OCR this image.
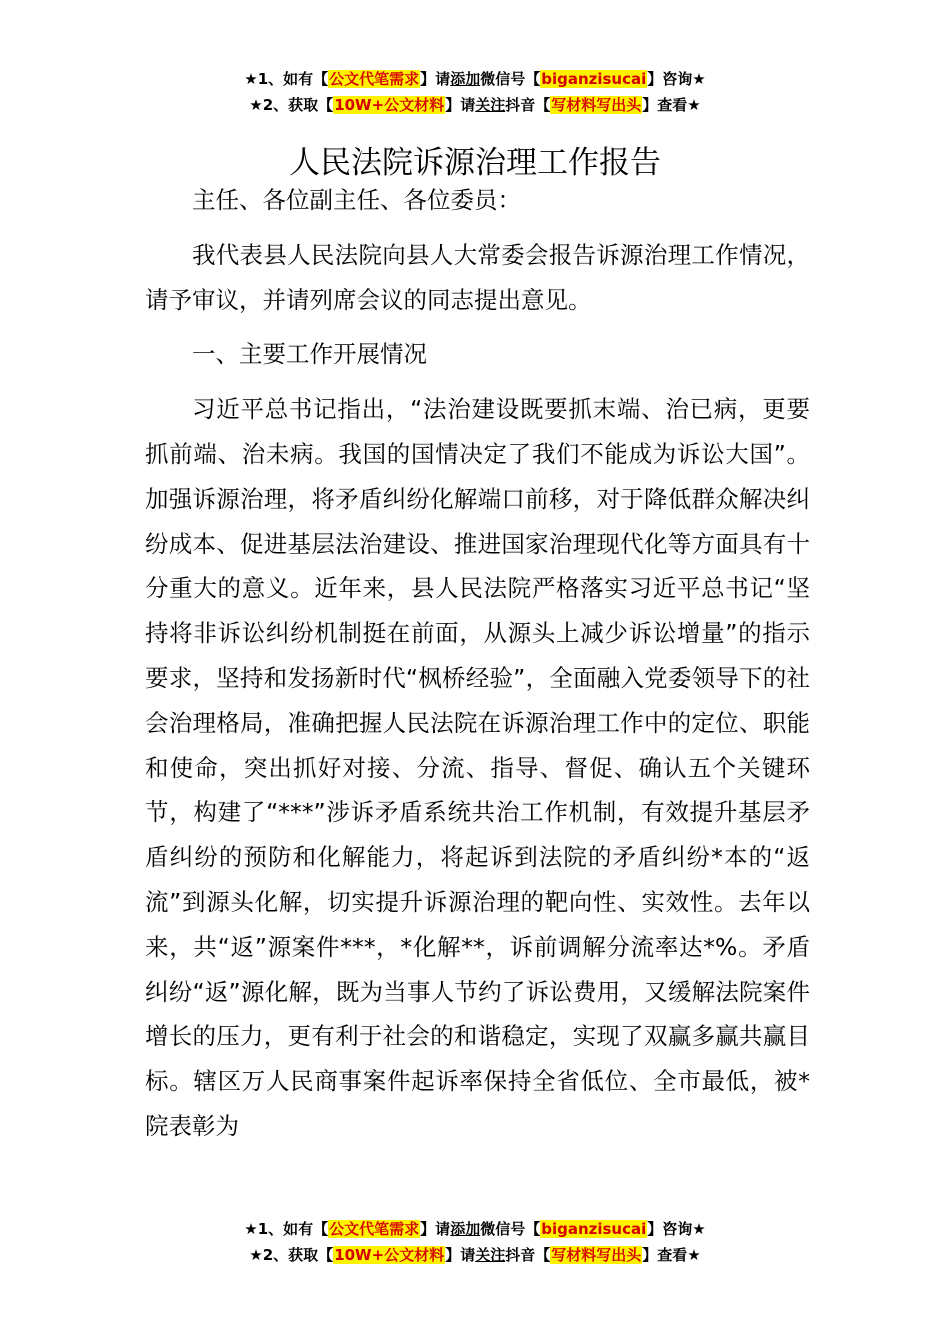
★1、如有【公文代笔需求】请添加微信号【biganzisucai】咨询★
★2、获取【10W+公文材料】请关注抖音【写材料写出头】查看★
人民法院诉源治理工作报告

主任、各位副主任、各位委员：

我代表县人民法院向县人大常委会报告诉源治理工作情况，请予审议，并请列席会议的同志提出意见。

一、主要工作开展情况

习近平总书记指出，“法治建设既要抓末端、治已病，更要抓前端、治未病。我国的国情决定了我们不能成为诉讼大国”。加强诉源治理，将矛盾纠纷化解端口前移，对于降低群众解决纠纷成本、促进基层法治建设、推进国家治理现代化等方面具有十分重大的意义。近年来，县人民法院严格落实习近平总书记“坚持将非诉讼纠纷机制挺在前面，从源头上减少诉讼增量”的指示要求，坚持和发扬新时代“枫桥经验”，全面融入党委领导下的社会治理格局，准确把握人民法院在诉源治理工作中的定位、职能和使命，突出抓好对接、分流、指导、督促、确认五个关键环节，构建了“***”涉诉矛盾系统共治工作机制，有效提升基层矛盾纠纷的预防和化解能力，将起诉到法院的矛盾纠纷*本的“返流”到源头化解，切实提升诉源治理的靶向性、实效性。去年以来，共“返”源案件***，*化解**，诉前调解分流率达*%。矛盾纠纷“返”源化解，既为当事人节约了诉讼费用，又缓解法院案件增长的压力，更有利于社会的和谐稳定，实现了双赢多赢共赢目标。辖区万人民商事案件起诉率保持全省低位、全市最低，被*院表彰为

★1、如有【公文代笔需求】请添加微信号【biganzisucai】咨询★
★2、获取【10W+公文材料】请关注抖音【写材料写出头】查看★
